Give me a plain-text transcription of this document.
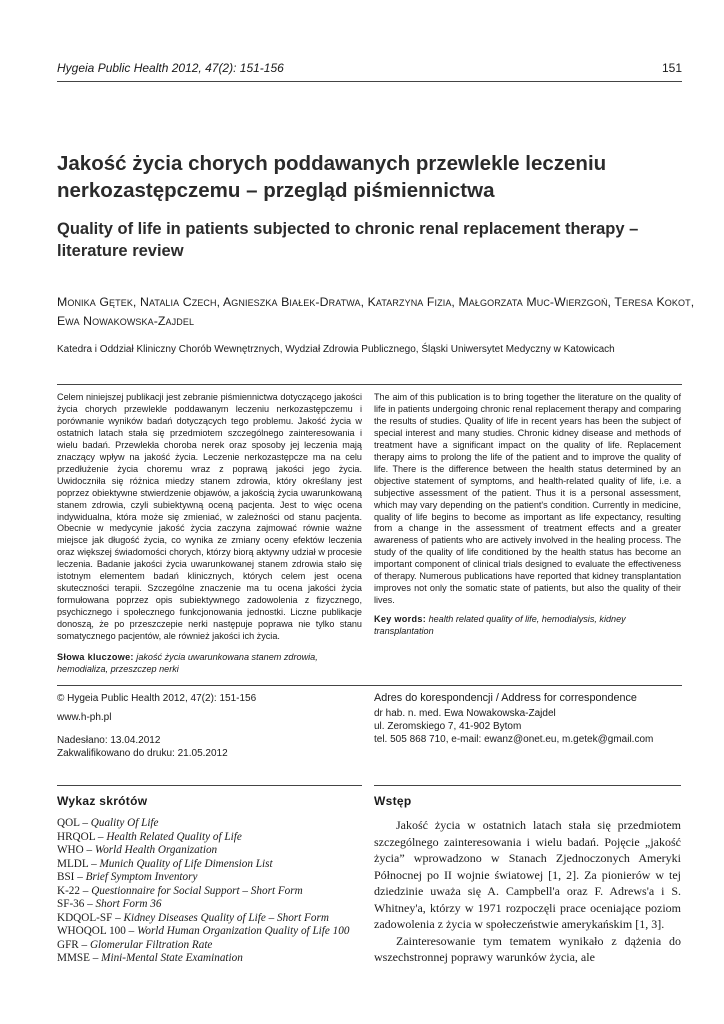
Hygeia Public Health 2012, 47(2): 151-156	151
Jakość życia chorych poddawanych przewlekle leczeniu nerkozastępczemu – przegląd piśmiennictwa
Quality of life in patients subjected to chronic renal replacement therapy – literature review
Monika Gętek, Natalia Czech, Agnieszka Białek-Dratwa, Katarzyna Fizia, Małgorzata Muc-Wierzgoń, Teresa Kokot, Ewa Nowakowska-Zajdel
Katedra i Oddział Kliniczny Chorób Wewnętrznych, Wydział Zdrowia Publicznego, Śląski Uniwersytet Medyczny w Katowicach
Celem niniejszej publikacji jest zebranie piśmiennictwa dotyczącego jakości życia chorych przewlekle poddawanym leczeniu nerkozastępczemu i porównanie wyników badań dotyczących tego problemu. Jakość życia w ostatnich latach stała się przedmiotem szczególnego zainteresowania i wielu badań. Przewlekła choroba nerek oraz sposoby jej leczenia mają znaczący wpływ na jakość życia. Leczenie nerkozastępcze ma na celu przedłużenie życia choremu wraz z poprawą jakości jego życia. Uwidoczniła się różnica miedzy stanem zdrowia, który określany jest poprzez obiektywne stwierdzenie objawów, a jakością życia uwarunkowaną stanem zdrowia, czyli subiektywną oceną pacjenta. Jest to więc ocena indywidualna, która może się zmieniać, w zależności od stanu pacjenta. Obecnie w medycynie jakość życia zaczyna zajmować równie ważne miejsce jak długość życia, co wynika ze zmiany oceny efektów leczenia oraz większej świadomości chorych, którzy biorą aktywny udział w procesie leczenia. Badanie jakości życia uwarunkowanej stanem zdrowia stało się istotnym elementem badań klinicznych, których celem jest ocena skuteczności terapii. Szczególne znaczenie ma tu ocena jakości życia formułowana poprzez opis subiektywnego zadowolenia z fizycznego, psychicznego i społecznego funkcjonowania jednostki. Liczne publikacje donoszą, że po przeszczepie nerki następuje poprawa nie tylko stanu somatycznego pacjentów, ale również jakości ich życia.
The aim of this publication is to bring together the literature on the quality of life in patients undergoing chronic renal replacement therapy and comparing the results of studies. Quality of life in recent years has been the subject of special interest and many studies. Chronic kidney disease and methods of treatment have a significant impact on the quality of life. Replacement therapy aims to prolong the life of the patient and to improve the quality of life. There is the difference between the health status determined by an objective statement of symptoms, and health-related quality of life, i.e. a subjective assessment of the patient. Thus it is a personal assessment, which may vary depending on the patient's condition. Currently in medicine, quality of life begins to become as important as life expectancy, resulting from a change in the assessment of treatment effects and a greater awareness of patients who are actively involved in the healing process. The study of the quality of life conditioned by the health status has become an important component of clinical trials designed to evaluate the effectiveness of therapy. Numerous publications have reported that kidney transplantation improves not only the somatic state of patients, but also the quality of their lives.
Słowa kluczowe: jakość życia uwarunkowana stanem zdrowia, hemodializa, przeszczep nerki
Key words: health related quality of life, hemodialysis, kidney transplantation
© Hygeia Public Health 2012, 47(2): 151-156
www.h-ph.pl
Nadesłano: 13.04.2012
Zakwalifikowano do druku: 21.05.2012
Adres do korespondencji / Address for correspondence
dr hab. n. med. Ewa Nowakowska-Zajdel
ul. Zeromskiego 7, 41-902 Bytom
tel. 505 868 710, e-mail: ewanz@onet.eu, m.getek@gmail.com
Wykaz skrótów	Wstęp
QOL – Quality Of Life
HRQOL – Health Related Quality of Life
WHO – World Health Organization
MLDL – Munich Quality of Life Dimension List
BSI – Brief Symptom Inventory
K-22 – Questionnaire for Social Support – Short Form
SF-36 – Short Form 36
KDQOL-SF – Kidney Diseases Quality of Life – Short Form
WHOQOL 100 – World Human Organization Quality of Life 100
GFR – Glomerular Filtration Rate
MMSE – Mini-Mental State Examination

Jakość życia w ostatnich latach stała się przedmiotem szczególnego zainteresowania i wielu badań. Pojęcie „jakość życia” wprowadzono w Stanach Zjednoczonych Ameryki Północnej po II wojnie światowej [1, 2]. Za pionierów w tej dziedzinie uważa się A. Campbell'a oraz F. Adrews'a i S. Whitney'a, którzy w 1971 rozpoczęli prace oceniające poziom zadowolenia z życia w społeczeństwie amerykańskim [1, 3].

Zainteresowanie tym tematem wynikało z dążenia do wszechstronnej poprawy warunków życia, ale
